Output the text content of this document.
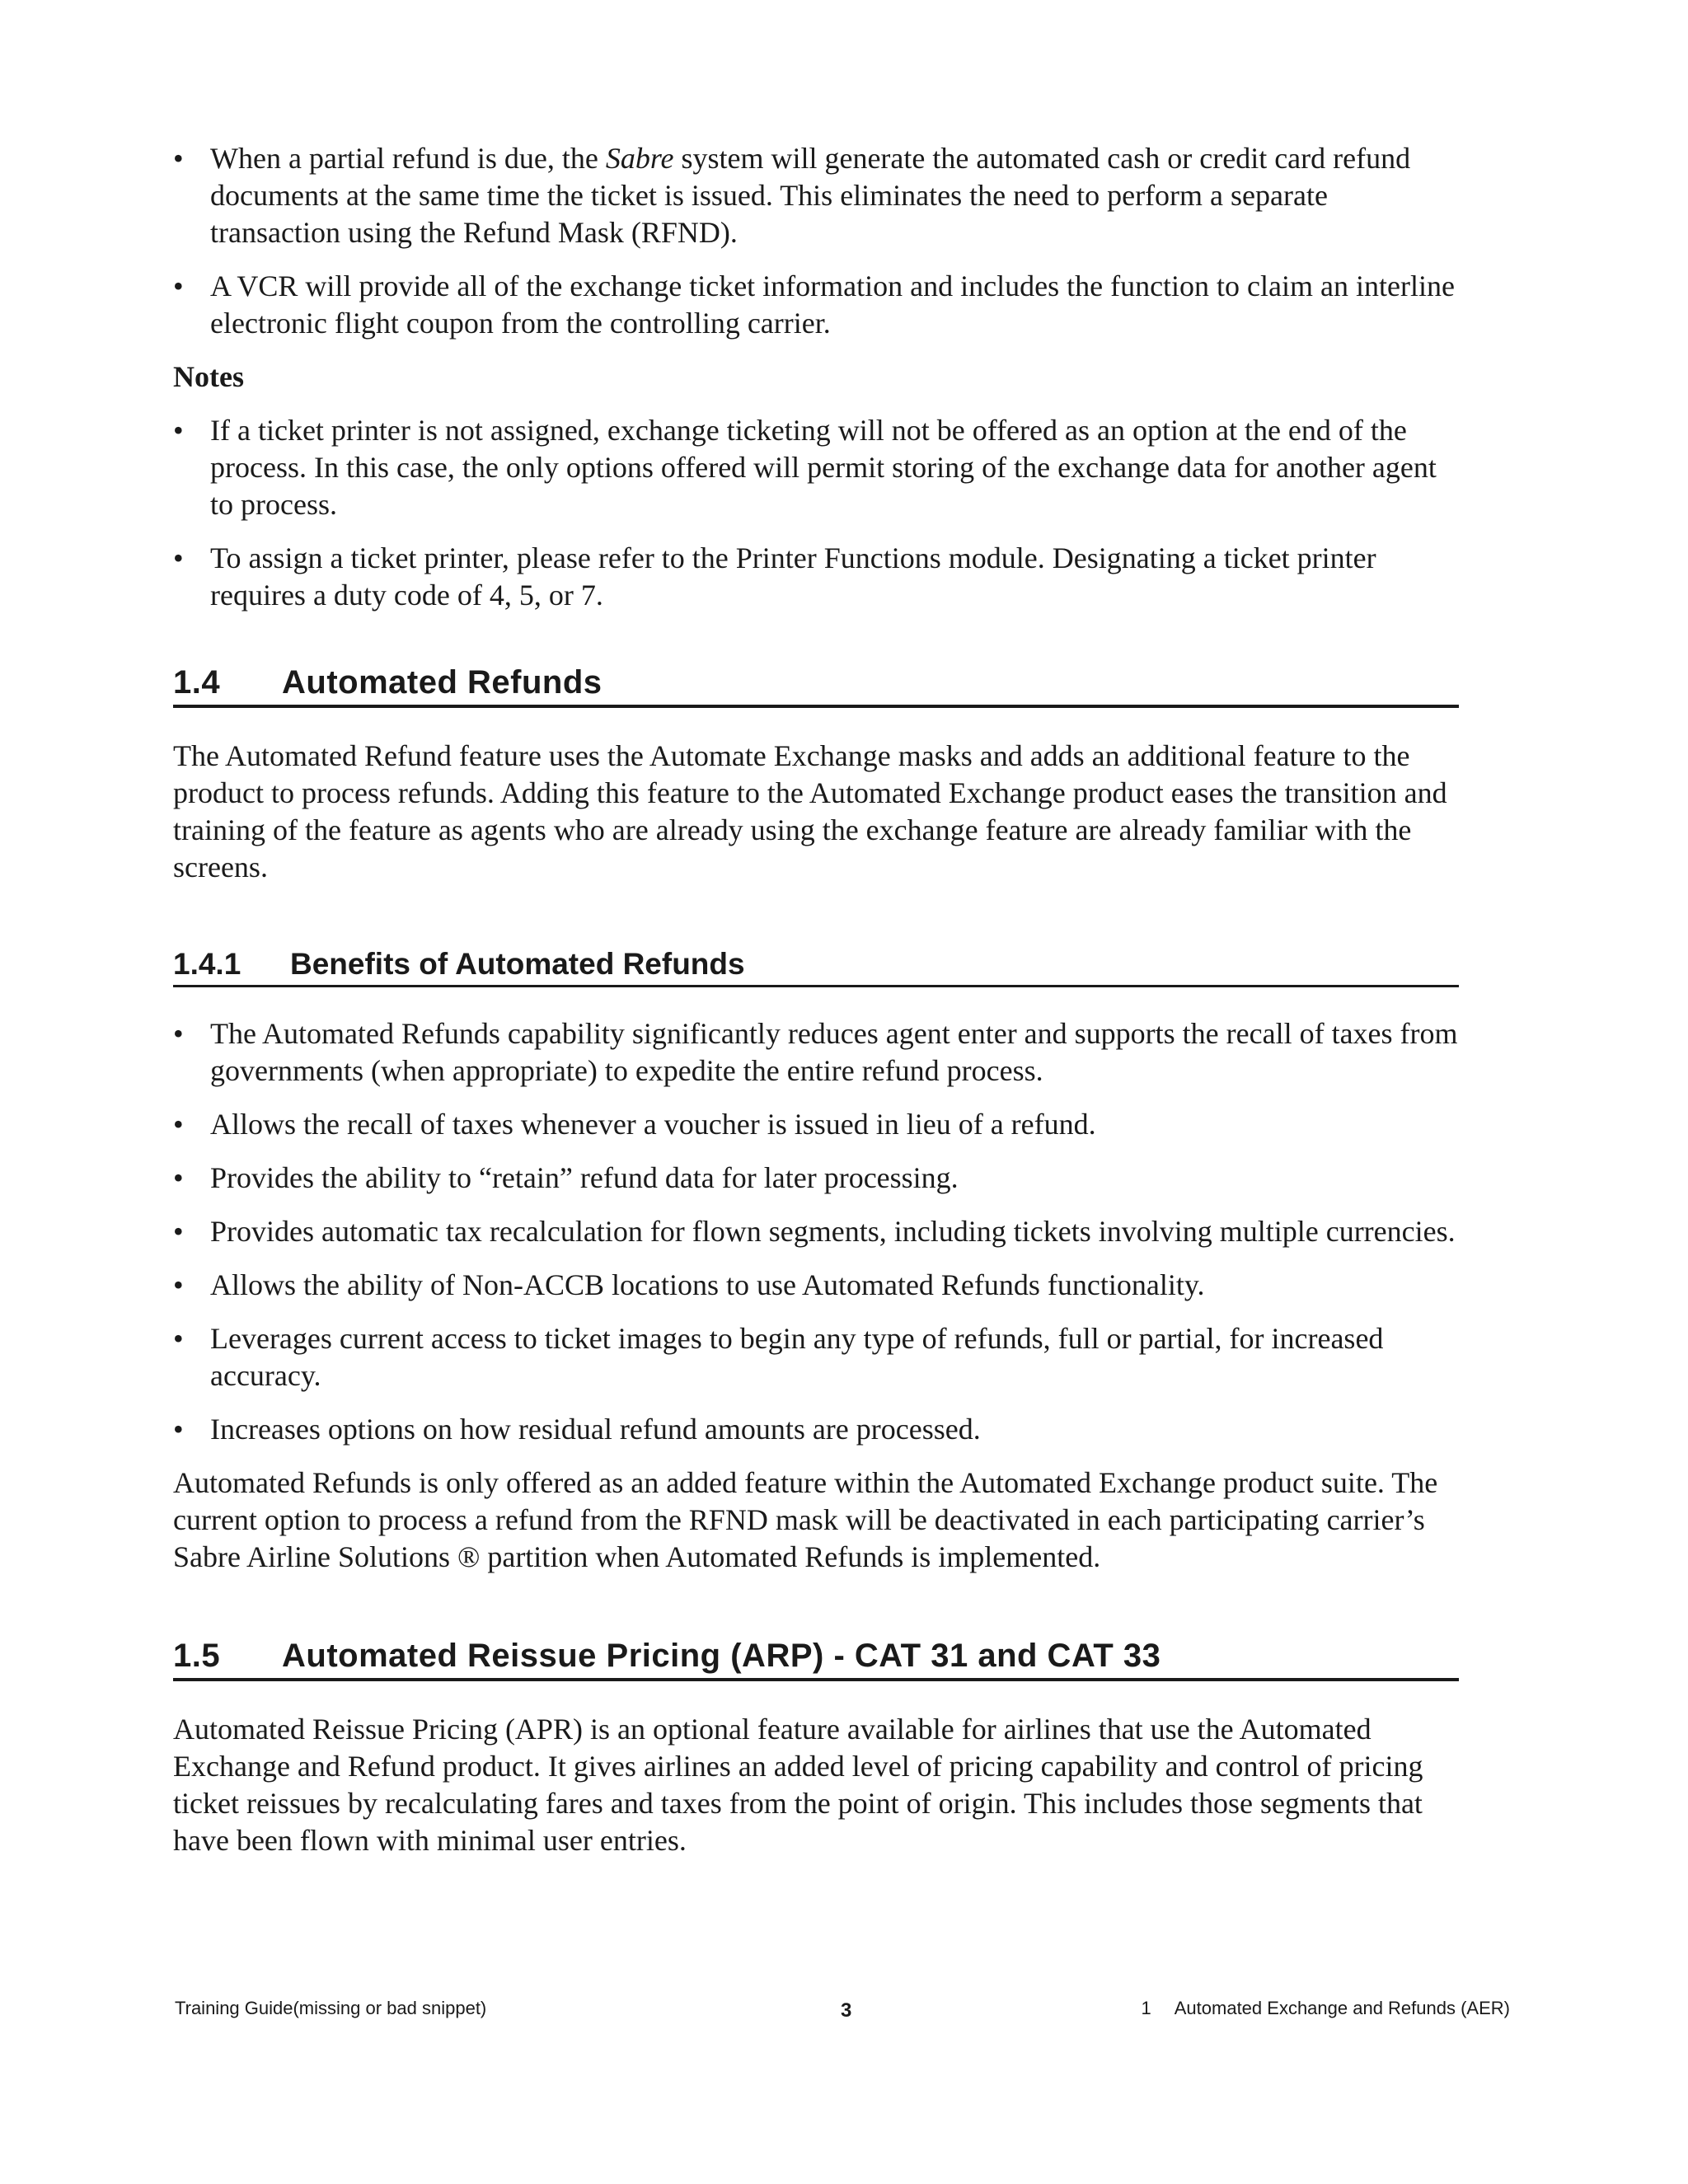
• When a partial refund is due, the Sabre system will generate the automated cash or credit card refund documents at the same time the ticket is issued. This eliminates the need to perform a separate transaction using the Refund Mask (RFND).
• A VCR will provide all of the exchange ticket information and includes the function to claim an interline electronic flight coupon from the controlling carrier.

Notes

• If a ticket printer is not assigned, exchange ticketing will not be offered as an option at the end of the process. In this case, the only options offered will permit storing of the exchange data for another agent to process.
• To assign a ticket printer, please refer to the Printer Functions module. Designating a ticket printer requires a duty code of 4, 5, or 7.
1.4	Automated Refunds

The Automated Refund feature uses the Automate Exchange masks and adds an additional feature to the product to process refunds. Adding this feature to the Automated Exchange product eases the transition and training of the feature as agents who are already using the exchange feature are already familiar with the screens.

1.4.1	Benefits of Automated Refunds
• The Automated Refunds capability significantly reduces agent enter and supports the recall of taxes from governments (when appropriate) to expedite the entire refund process.
• Allows the recall of taxes whenever a voucher is issued in lieu of a refund.
• Provides the ability to “retain” refund data for later processing.
• Provides automatic tax recalculation for flown segments, including tickets involving multiple currencies.
• Allows the ability of Non-ACCB locations to use Automated Refunds functionality.
• Leverages current access to ticket images to begin any type of refunds, full or partial, for increased accuracy.
• Increases options on how residual refund amounts are processed.

Automated Refunds is only offered as an added feature within the Automated Exchange product suite. The current option to process a refund from the RFND mask will be deactivated in each participating carrier’s Sabre Airline Solutions ® partition when Automated Refunds is implemented.

1.5	Automated Reissue Pricing (ARP) - CAT 31 and CAT 33

Automated Reissue Pricing (APR) is an optional feature available for airlines that use the Automated Exchange and Refund product. It gives airlines an added level of pricing capability and control of pricing ticket reissues by recalculating fares and taxes from the point of origin. This includes those segments that have been flown with minimal user entries.

Training Guide(missing or bad snippet)	3	1 Automated Exchange and Refunds (AER)
